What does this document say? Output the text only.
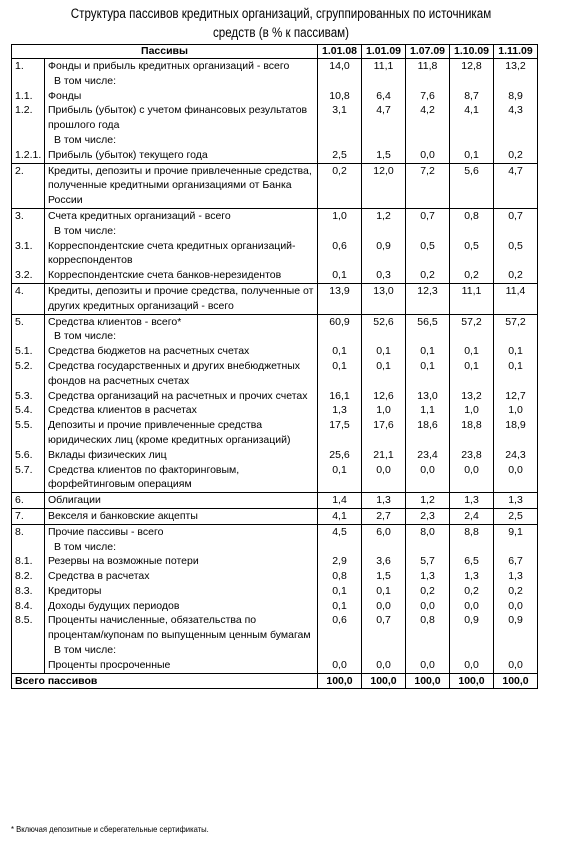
Структура пассивов кредитных организаций, сгруппированных по источникам
средств (в % к пассивам)
Пассивы		1.01.08	1.01.09	1.07.09	1.10.09	1.11.09
1.	Фонды и прибыль кредитных организаций - всего	14,0	11,1	11,8	12,8	13,2

	В том числе:					

1.1.	Фонды	10,8	6,4	7,6	8,7	8,9
1.2.	Прибыль (убыток) с учетом финансовых результатов прошлого года	3,1	4,7	4,2	4,1	4,3

	В том числе:					

1.2.1.	Прибыль (убыток) текущего года	2,5	1,5	0,0	0,1	0,2
2.	Кредиты, депозиты и прочие привлеченные средства, полученные кредитными организациями от Банка России	0,2	12,0	7,2	5,6	4,7
3.	Счета кредитных организаций - всего	1,0	1,2	0,7	0,8	0,7

	В том числе:					

3.1.	Корреспондентские счета кредитных организаций-корреспондентов	0,6	0,9	0,5	0,5	0,5
3.2.	Корреспондентские счета банков-нерезидентов	0,1	0,3	0,2	0,2	0,2
4.	Кредиты, депозиты и прочие средства, полученные от других кредитных организаций - всего	13,9	13,0	12,3	11,1	11,4
5.	Средства клиентов - всего*	60,9	52,6	56,5	57,2	57,2

	В том числе:					

5.1.	Средства бюджетов на расчетных счетах	0,1	0,1	0,1	0,1	0,1
5.2.	Средства государственных и других внебюджетных фондов на расчетных счетах	0,1	0,1	0,1	0,1	0,1
5.3.	Средства организаций на расчетных и прочих счетах	16,1	12,6	13,0	13,2	12,7
5.4.	Средства клиентов в расчетах	1,3	1,0	1,1	1,0	1,0
5.5.	Депозиты и прочие привлеченные средства юридических лиц (кроме кредитных организаций)	17,5	17,6	18,6	18,8	18,9
5.6.	Вклады физических лиц	25,6	21,1	23,4	23,8	24,3
5.7.	Средства клиентов по факторинговым, форфейтинговым операциям	0,1	0,0	0,0	0,0	0,0
6.	Облигации	1,4	1,3	1,2	1,3	1,3
7.	Векселя и банковские акцепты	4,1	2,7	2,3	2,4	2,5
8.	Прочие пассивы - всего	4,5	6,0	8,0	8,8	9,1

	В том числе:					

8.1.	Резервы на возможные потери	2,9	3,6	5,7	6,5	6,7
8.2.	Средства в расчетах	0,8	1,5	1,3	1,3	1,3
8.3.	Кредиторы	0,1	0,1	0,2	0,2	0,2
8.4.	Доходы будущих периодов	0,1	0,0	0,0	0,0	0,0
8.5.	Проценты начисленные, обязательства по процентам/купонам по выпущенным ценным бумагам	0,6	0,7	0,8	0,9	0,9

	В том числе:					

	Проценты просроченные	0,0	0,0	0,0	0,0	0,0
Всего пассивов		100,0	100,0	100,0	100,0	100,0
* Включая депозитные и сберегательные сертификаты.
